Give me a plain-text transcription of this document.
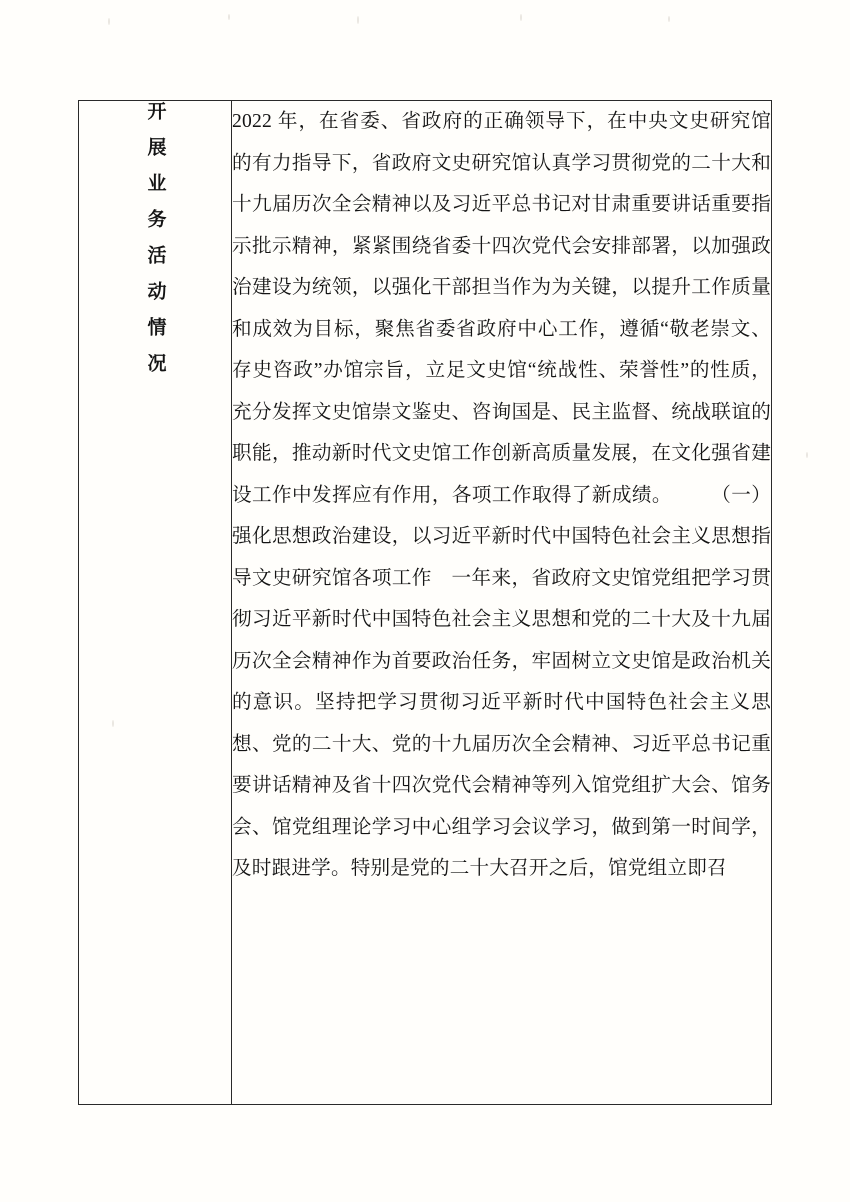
开展业务活动情况	2022 年，在省委、省政府的正确领导下，在中央文史研究馆的有力指导下，省政府文史研究馆认真学习贯彻党的二十大和十九届历次全会精神以及习近平总书记对甘肃重要讲话重要指示批示精神，紧紧围绕省委十四次党代会安排部署，以加强政治建设为统领，以强化干部担当作为为关键，以提升工作质量和成效为目标，聚焦省委省政府中心工作，遵循“敬老崇文、存史咨政”办馆宗旨，立足文史馆“统战性、荣誉性”的性质，充分发挥文史馆崇文鉴史、咨询国是、民主监督、统战联谊的职能，推动新时代文史馆工作创新高质量发展，在文化强省建设工作中发挥应有作用，各项工作取得了新成绩。 （一）强化思想政治建设，以习近平新时代中国特色社会主义思想指导文史研究馆各项工作 一年来，省政府文史馆党组把学习贯彻习近平新时代中国特色社会主义思想和党的二十大及十九届历次全会精神作为首要政治任务，牢固树立文史馆是政治机关的意识。坚持把学习贯彻习近平新时代中国特色社会主义思想、党的二十大、党的十九届历次全会精神、习近平总书记重要讲话精神及省十四次党代会精神等列入馆党组扩大会、馆务会、馆党组理论学习中心组学习会议学习，做到第一时间学，及时跟进学。特别是党的二十大召开之后，馆党组立即召
